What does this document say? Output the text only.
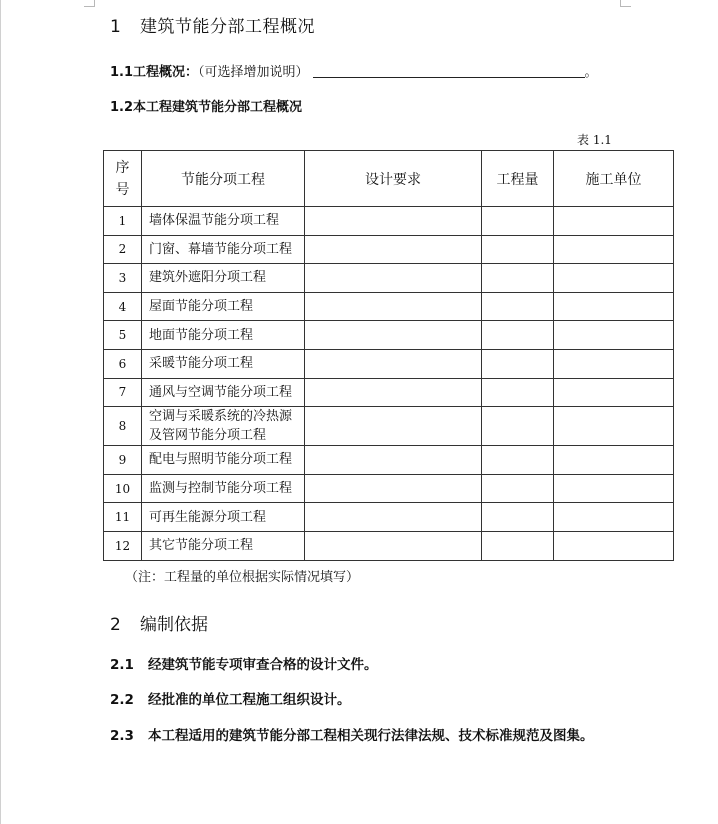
1 建筑节能分部工程概况
1.1工程概况：（可选择增加说明）	。
1.2本工程建筑节能分部工程概况
表 1.1
序号	节能分项工程	设计要求	工程量	施工单位
1	墙体保温节能分项工程			
2	门窗、幕墙节能分项工程			
3	建筑外遮阳分项工程			
4	屋面节能分项工程			
5	地面节能分项工程			
6	采暖节能分项工程			
7	通风与空调节能分项工程			
8	空调与采暖系统的冷热源及管网节能分项工程			
9	配电与照明节能分项工程			
10	监测与控制节能分项工程			
11	可再生能源分项工程			
12	其它节能分项工程			
（注：工程量的单位根据实际情况填写）
2 编制依据
2.1 经建筑节能专项审查合格的设计文件。
2.2 经批准的单位工程施工组织设计。
2.3 本工程适用的建筑节能分部工程相关现行法律法规、技术标准规范及图集。
